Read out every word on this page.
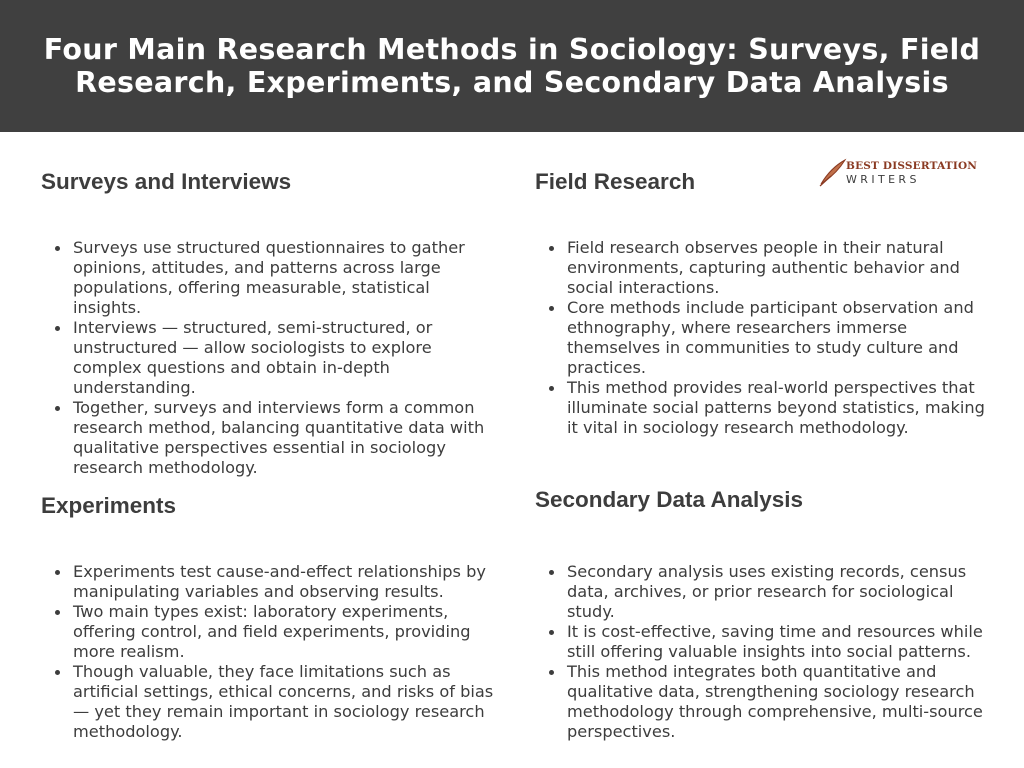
Four Main Research Methods in Sociology: Surveys, Field Research, Experiments, and Secondary Data Analysis
BEST DISSERTATION
WRITERS
Surveys and Interviews
Surveys use structured questionnaires to gather opinions, attitudes, and patterns across large populations, offering measurable, statistical insights.
Interviews — structured, semi-structured, or unstructured — allow sociologists to explore complex questions and obtain in-depth understanding.
Together, surveys and interviews form a common research method, balancing quantitative data with qualitative perspectives essential in sociology research methodology.
Field Research
Field research observes people in their natural environments, capturing authentic behavior and social interactions.
Core methods include participant observation and ethnography, where researchers immerse themselves in communities to study culture and practices.
This method provides real-world perspectives that illuminate social patterns beyond statistics, making it vital in sociology research methodology.
Experiments
Experiments test cause-and-effect relationships by manipulating variables and observing results.
Two main types exist: laboratory experiments, offering control, and field experiments, providing more realism.
Though valuable, they face limitations such as artificial settings, ethical concerns, and risks of bias — yet they remain important in sociology research methodology.
Secondary Data Analysis
Secondary analysis uses existing records, census data, archives, or prior research for sociological study.
It is cost-effective, saving time and resources while still offering valuable insights into social patterns.
This method integrates both quantitative and qualitative data, strengthening sociology research methodology through comprehensive, multi-source perspectives.
